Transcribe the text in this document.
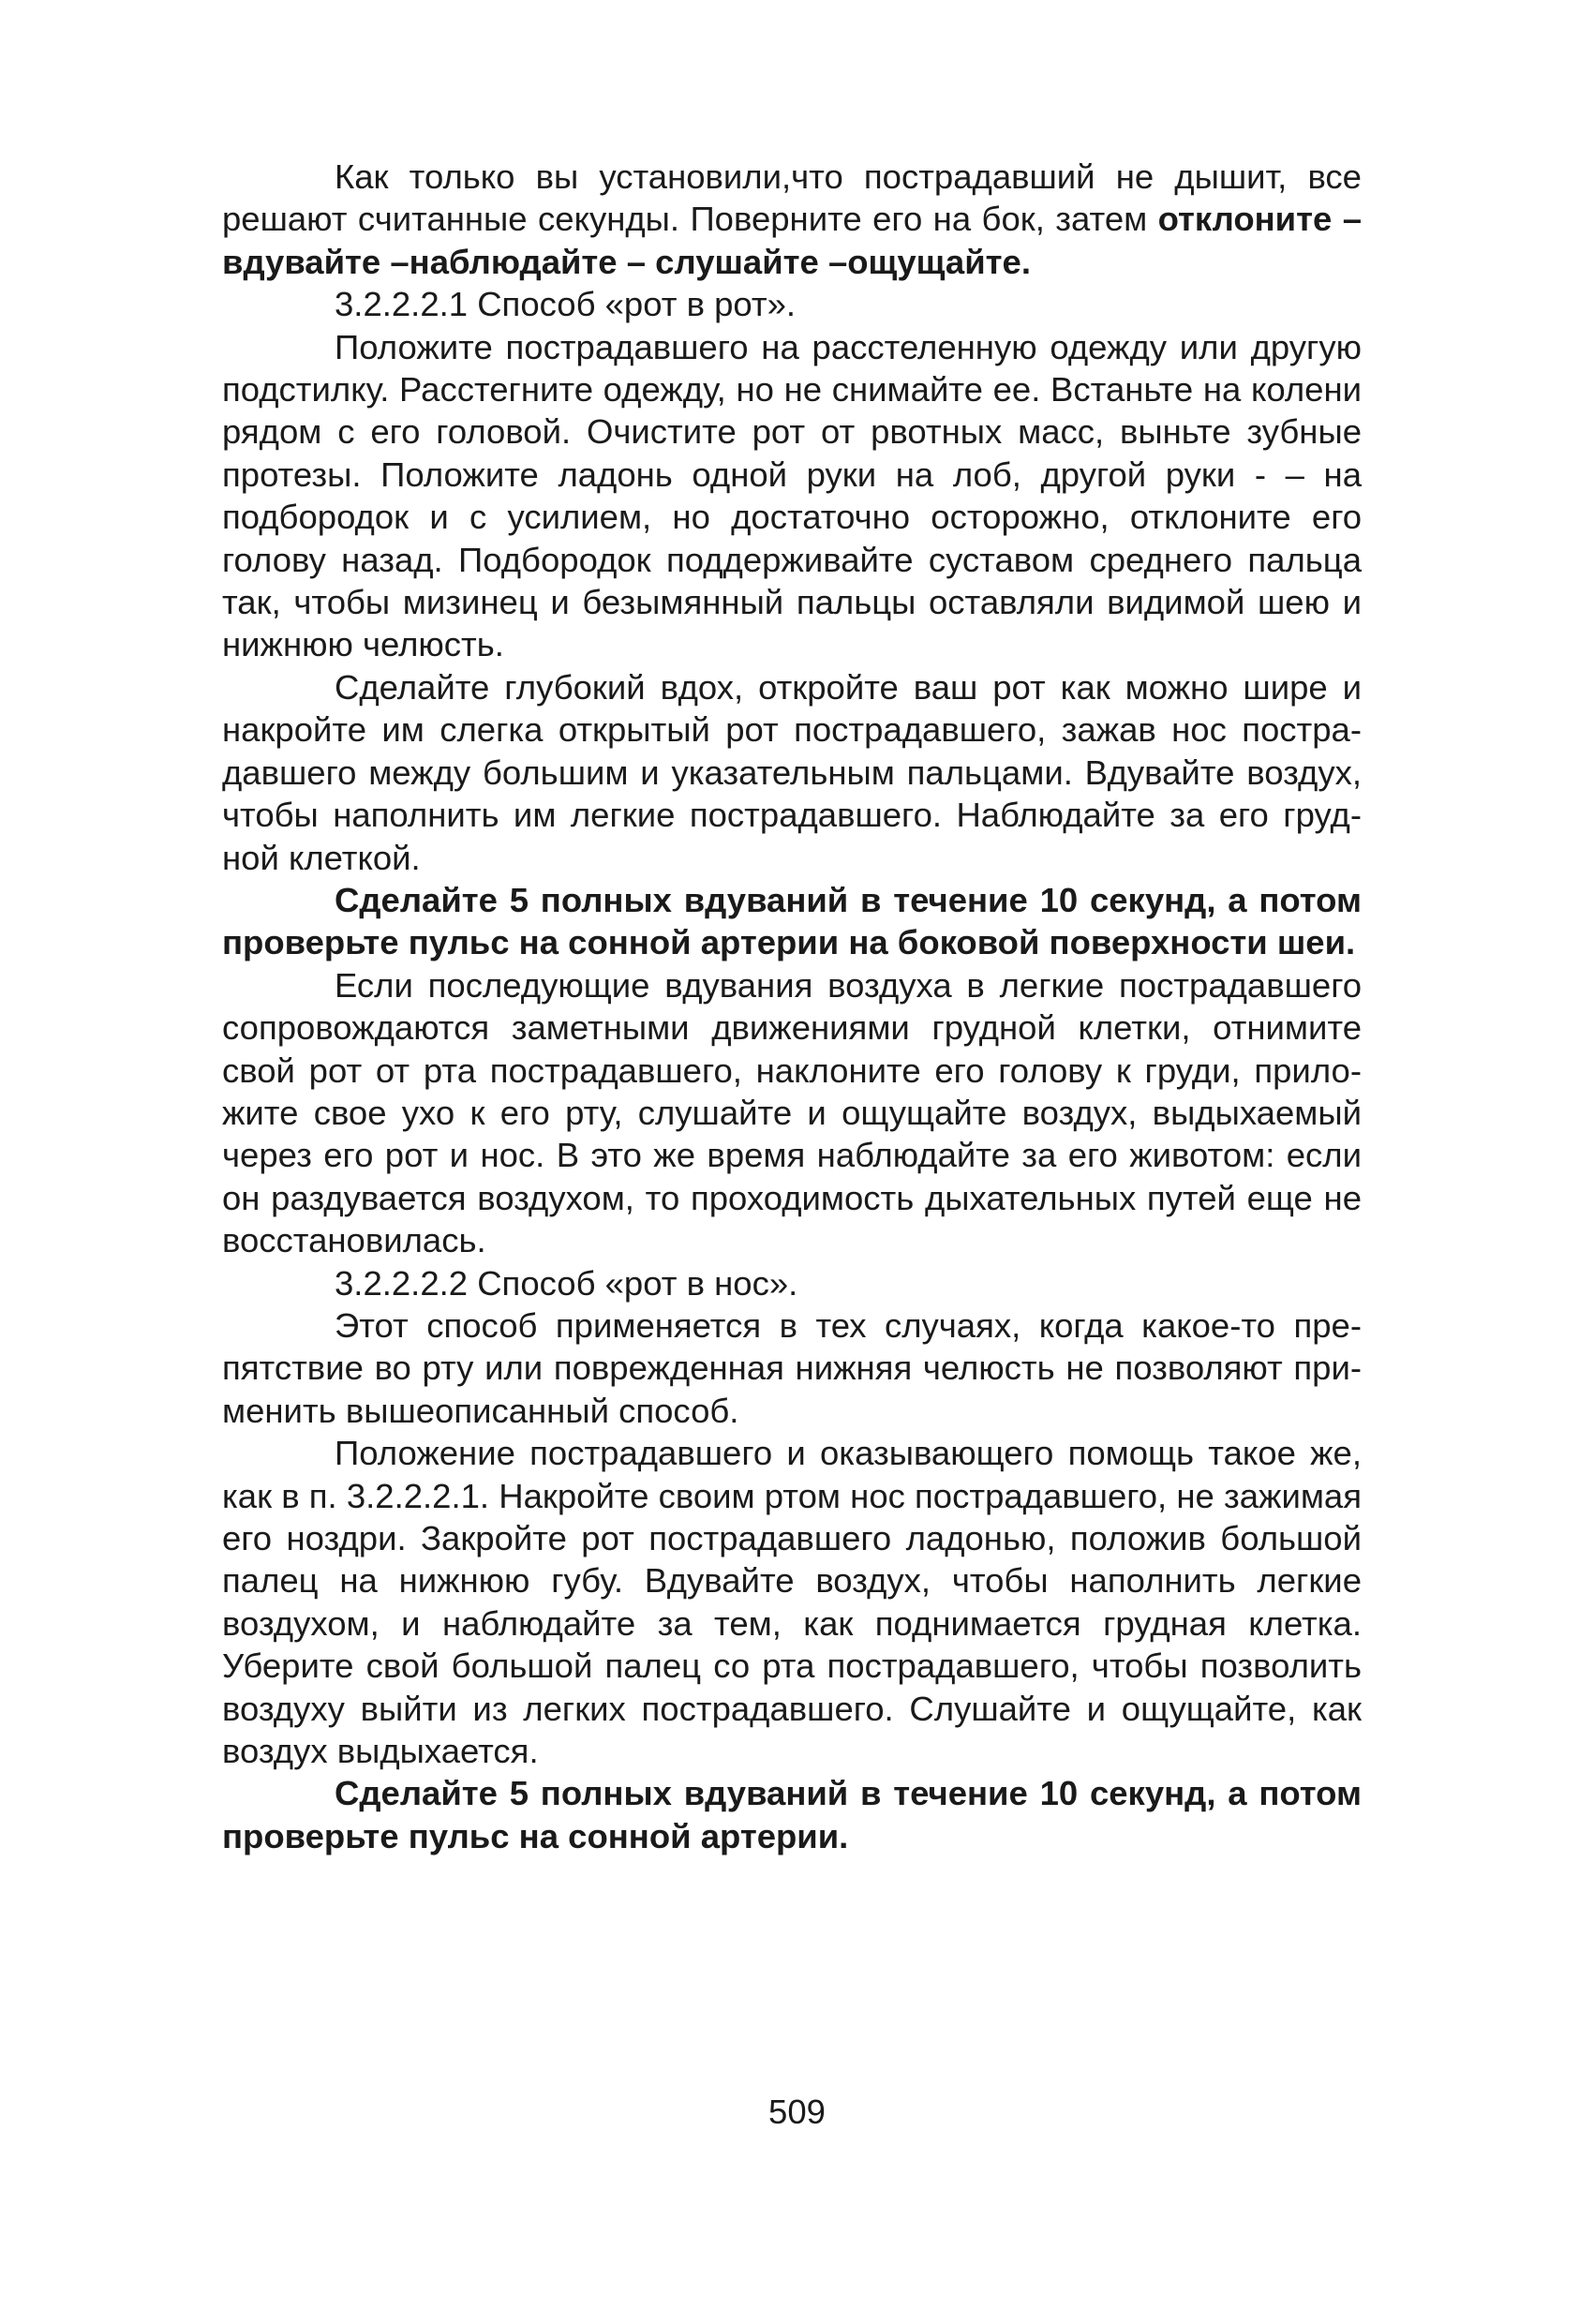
Как только вы установили,что пострадавший не дышит, все решают считанные секунды. Поверните его на бок, затем отклоните –вдувайте –наблюдайте – слушайте –ощущайте.

3.2.2.2.1 Способ «рот в рот».

Положите пострадавшего на расстеленную одежду или другую подстилку. Расстегните одежду, но не снимайте ее. Встаньте на колени рядом с его головой. Очистите рот от рвотных масс, выньте зубные протезы. Положите ладонь одной руки на лоб, другой руки - – на подбородок и с усилием, но достаточно осторожно, отклоните его голову назад. Подбородок поддерживайте суставом среднего пальца так, чтобы мизинец и безымянный пальцы оставляли видимой шею и нижнюю челюсть.

Сделайте глубокий вдох, откройте ваш рот как можно шире и накройте им слегка открытый рот пострадавшего, зажав нос пострадавшего между большим и указательным пальцами. Вдувайте воздух, чтобы наполнить им легкие пострадавшего. Наблюдайте за его грудной клеткой.

Сделайте 5 полных вдуваний в течение 10 секунд, а потом проверьте пульс на сонной артерии на боковой поверхности шеи.

Если последующие вдувания воздуха в легкие пострадавшего сопровождаются заметными движениями грудной клетки, отнимите свой рот от рта пострадавшего, наклоните его голову к груди, приложите свое ухо к его рту, слушайте и ощущайте воздух, выдыхаемый через его рот и нос. В это же время наблюдайте за его животом: если он раздувается воздухом, то проходимость дыхательных путей еще не восстановилась.

3.2.2.2.2 Способ «рот в нос».

Этот способ применяется в тех случаях, когда какое-то препятствие во рту или поврежденная нижняя челюсть не позволяют применить вышеописанный способ.

Положение пострадавшего и оказывающего помощь такое же, как в п. 3.2.2.2.1. Накройте своим ртом нос пострадавшего, не зажимая его ноздри. Закройте рот пострадавшего ладонью, положив большой палец на нижнюю губу. Вдувайте воздух, чтобы наполнить легкие воздухом, и наблюдайте за тем, как поднимается грудная клетка. Уберите свой большой палец со рта пострадавшего, чтобы позволить воздуху выйти из легких пострадавшего. Слушайте и ощущайте, как воздух выдыхается.

Сделайте 5 полных вдуваний в течение 10 секунд, а потом проверьте пульс на сонной артерии.

509
